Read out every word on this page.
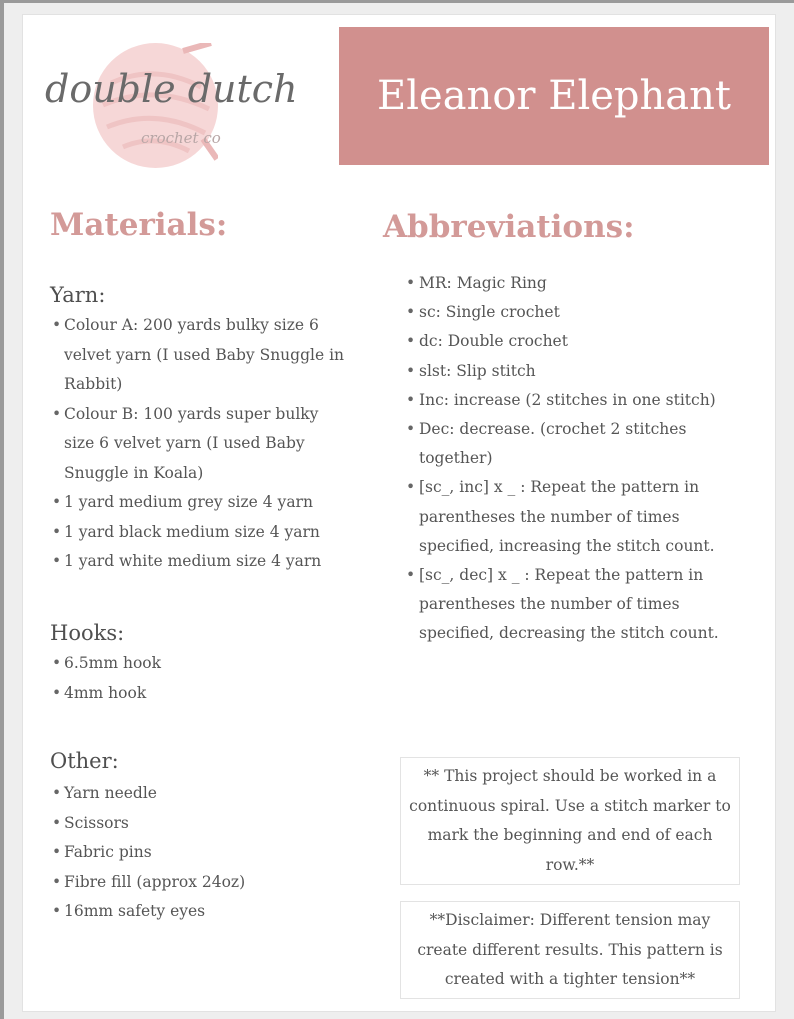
double dutch
crochet co
Eleanor Elephant
Materials:
Yarn:
• Colour A: 200 yards bulky size 6 velvet yarn (I used Baby Snuggle in Rabbit)
• Colour B: 100 yards super bulky size 6 velvet yarn (I used Baby Snuggle in Koala)
• 1 yard medium grey size 4 yarn
• 1 yard black medium size 4 yarn
• 1 yard white medium size 4 yarn
Hooks:
• 6.5mm hook
• 4mm hook
Other:
• Yarn needle
• Scissors
• Fabric pins
• Fibre fill (approx 24oz)
• 16mm safety eyes
Abbreviations:
• MR: Magic Ring
• sc: Single crochet
• dc: Double crochet
• slst: Slip stitch
• Inc: increase (2 stitches in one stitch)
• Dec: decrease. (crochet 2 stitches together)
• [sc_, inc] x _ : Repeat the pattern in parentheses the number of times specified, increasing the stitch count.
• [sc_, dec] x _ : Repeat the pattern in parentheses the number of times specified, decreasing the stitch count.
** This project should be worked in a continuous spiral. Use a stitch marker to mark the beginning and end of each row.**
**Disclaimer: Different tension may create different results. This pattern is created with a tighter tension**
